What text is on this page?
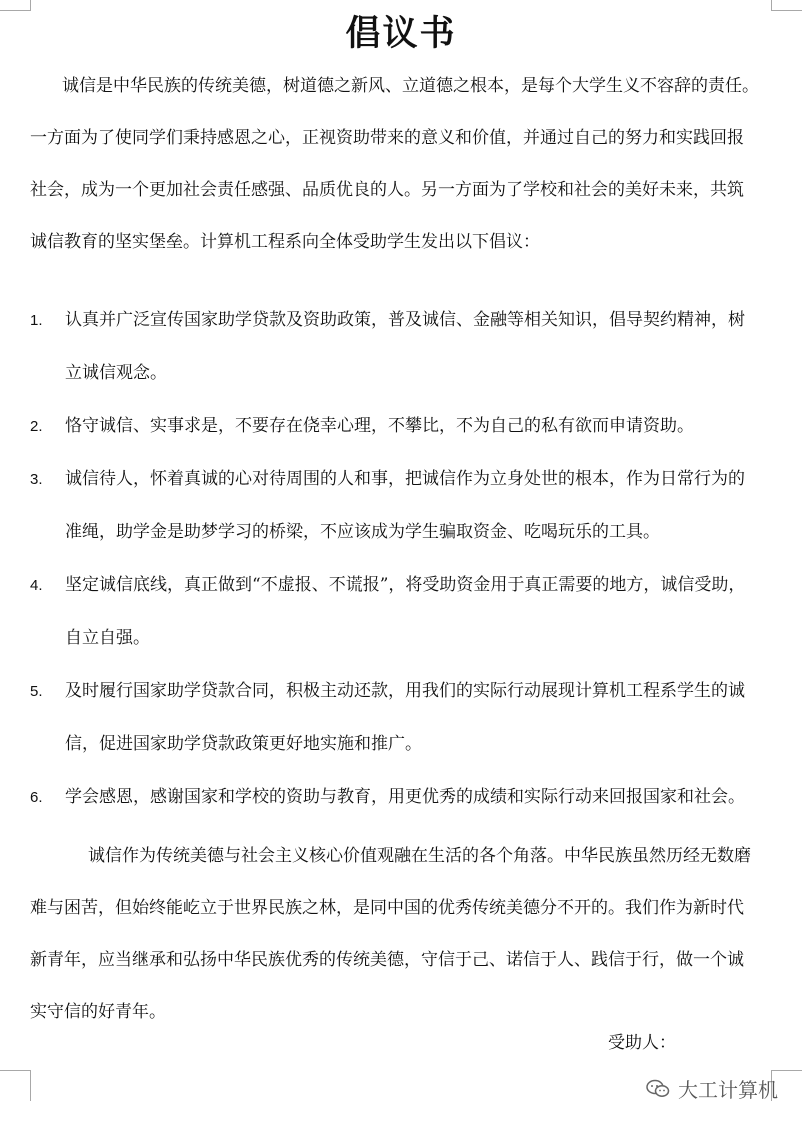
倡议书
诚信是中华民族的传统美德，树道德之新风、立道德之根本，是每个大学生义不容辞的责任。
一方面为了使同学们秉持感恩之心，正视资助带来的意义和价值，并通过自己的努力和实践回报
社会，成为一个更加社会责任感强、品质优良的人。另一方面为了学校和社会的美好未来，共筑
诚信教育的坚实堡垒。计算机工程系向全体受助学生发出以下倡议：
1. 认真并广泛宣传国家助学贷款及资助政策，普及诚信、金融等相关知识，倡导契约精神，树
立诚信观念。
2. 恪守诚信、实事求是，不要存在侥幸心理，不攀比，不为自己的私有欲而申请资助。
3. 诚信待人，怀着真诚的心对待周围的人和事，把诚信作为立身处世的根本，作为日常行为的
准绳，助学金是助梦学习的桥梁，不应该成为学生骗取资金、吃喝玩乐的工具。
4. 坚定诚信底线，真正做到“不虚报、不谎报”，将受助资金用于真正需要的地方，诚信受助，
自立自强。
5. 及时履行国家助学贷款合同，积极主动还款，用我们的实际行动展现计算机工程系学生的诚
信，促进国家助学贷款政策更好地实施和推广。
6. 学会感恩，感谢国家和学校的资助与教育，用更优秀的成绩和实际行动来回报国家和社会。
诚信作为传统美德与社会主义核心价值观融在生活的各个角落。中华民族虽然历经无数磨
难与困苦，但始终能屹立于世界民族之林，是同中国的优秀传统美德分不开的。我们作为新时代
新青年，应当继承和弘扬中华民族优秀的传统美德，守信于己、诺信于人、践信于行，做一个诚
实守信的好青年。
受助人：
大工计算机
